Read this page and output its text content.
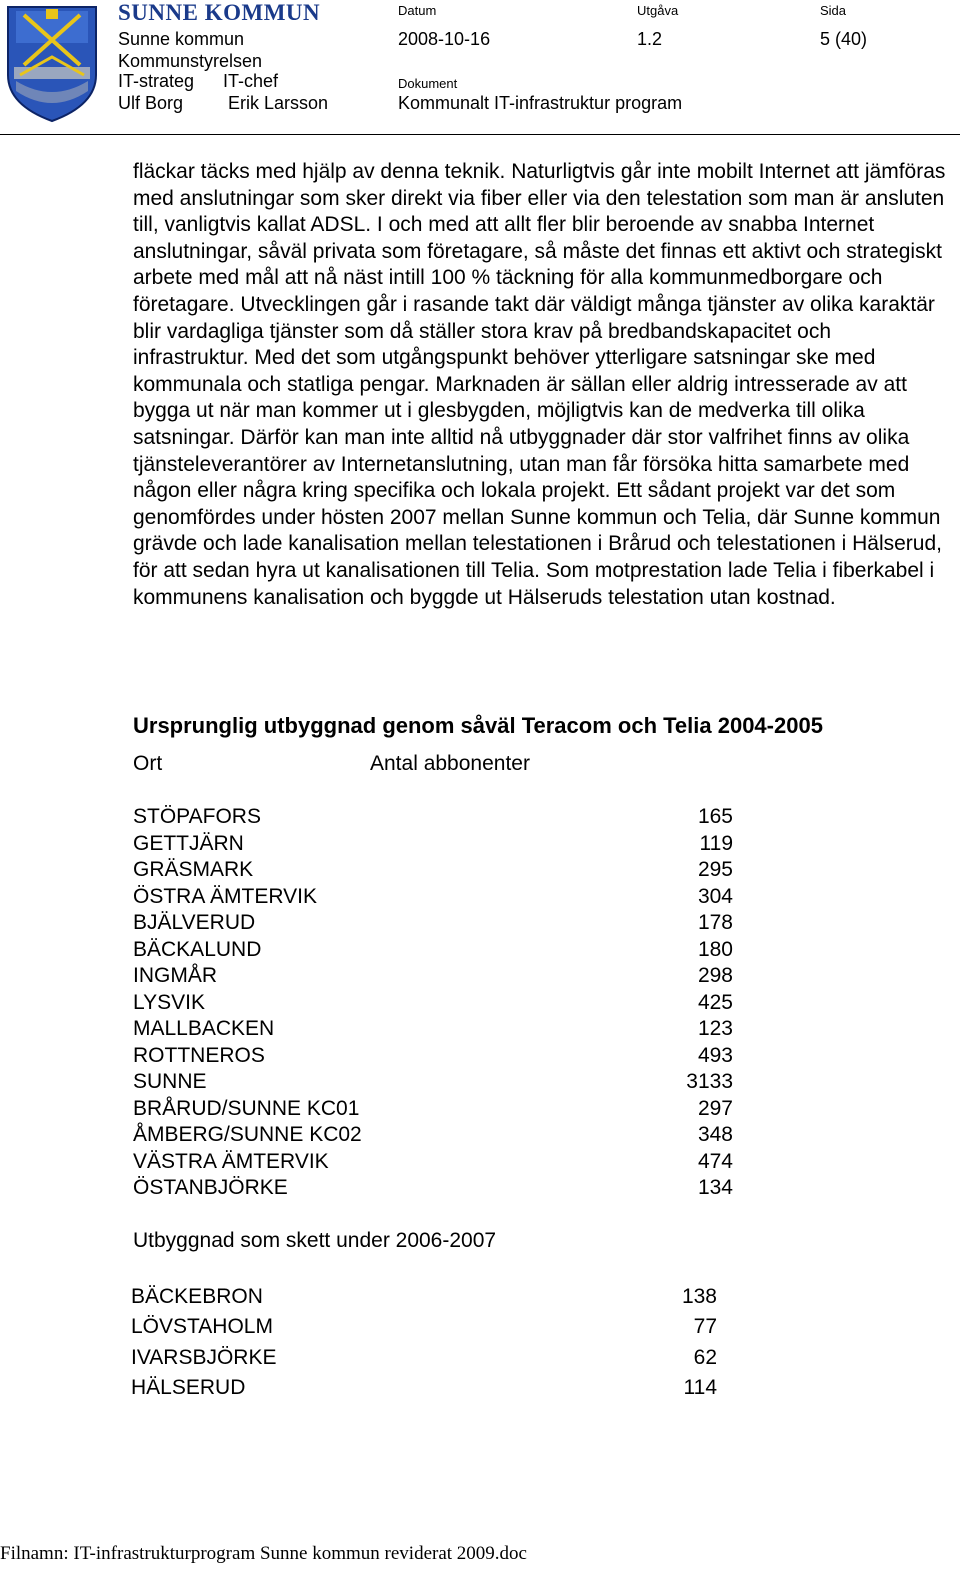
SUNNE KOMMUN
Sunne kommun
Kommunstyrelsen
IT-strateg IT-chef
Ulf Borg Erik Larsson
Datum
2008-10-16
Utgåva
1.2
Sida
5 (40)
Dokument
Kommunalt IT-infrastruktur program

fläckar täcks med hjälp av denna teknik. Naturligtvis går inte mobilt Internet att jämföras med anslutningar som sker direkt via fiber eller via den telestation som man är ansluten till, vanligtvis kallat ADSL. I och med att allt fler blir beroende av snabba Internet anslutningar, såväl privata som företagare, så måste det finnas ett aktivt och strategiskt arbete med mål att nå näst intill 100 % täckning för alla kommunmedborgare och företagare. Utvecklingen går i rasande takt där väldigt många tjänster av olika karaktär blir vardagliga tjänster som då ställer stora krav på bredbandskapacitet och infrastruktur. Med det som utgångspunkt behöver ytterligare satsningar ske med kommunala och statliga pengar. Marknaden är sällan eller aldrig intresserade av att bygga ut när man kommer ut i glesbygden, möjligtvis kan de medverka till olika satsningar. Därför kan man inte alltid nå utbyggnader där stor valfrihet finns av olika tjänsteleverantörer av Internetanslutning, utan man får försöka hitta samarbete med någon eller några kring specifika och lokala projekt. Ett sådant projekt var det som genomfördes under hösten 2007 mellan Sunne kommun och Telia, där Sunne kommun grävde och lade kanalisation mellan telestationen i Brårud och telestationen i Hälserud, för att sedan hyra ut kanalisationen till Telia. Som motprestation lade Telia i fiberkabel i kommunens kanalisation och byggde ut Hälseruds telestation utan kostnad.

Ursprunglig utbyggnad genom såväl Teracom och Telia 2004-2005
Ort	Antal abbonenter
STÖPAFORS	165
GETTJÄRN	119
GRÄSMARK	295
ÖSTRA ÄMTERVIK	304
BJÄLVERUD	178
BÄCKALUND	180
INGMÅR	298
LYSVIK	425
MALLBACKEN	123
ROTTNEROS	493
SUNNE	3133
BRÅRUD/SUNNE KC01	297
ÅMBERG/SUNNE KC02	348
VÄSTRA ÄMTERVIK	474
ÖSTANBJÖRKE	134
Utbyggnad som skett under 2006-2007
BÄCKEBRON	138
LÖVSTAHOLM	77
IVARSBJÖRKE	62
HÄLSERUD	114
Filnamn: IT-infrastrukturprogram Sunne kommun reviderat 2009.doc
